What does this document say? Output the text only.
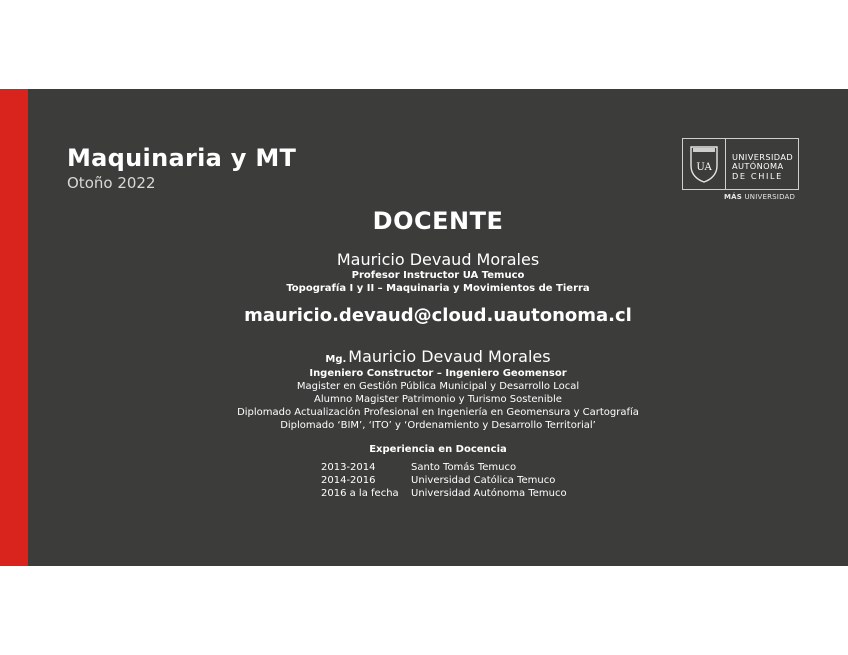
Maquinaria y MT

Otoño 2022

UA
UNIVERSIDAD
AUTÓNOMA
DE CHILE
MÁS UNIVERSIDAD
DOCENTE
Mauricio Devaud Morales
Profesor Instructor UA Temuco
Topografía I y II – Maquinaria y Movimientos de Tierra
mauricio.devaud@cloud.uautonoma.cl
Mg. Mauricio Devaud Morales
Ingeniero Constructor – Ingeniero Geomensor
Magister en Gestión Pública Municipal y Desarrollo Local
Alumno Magister Patrimonio y Turismo Sostenible
Diplomado Actualización Profesional en Ingeniería en Geomensura y Cartografía
Diplomado ‘BIM’, ‘ITO’ y ‘Ordenamiento y Desarrollo Territorial’
Experiencia en Docencia
2013-2014	Santo Tomás Temuco
2014-2016	Universidad Católica Temuco
2016 a la fecha	Universidad Autónoma Temuco
